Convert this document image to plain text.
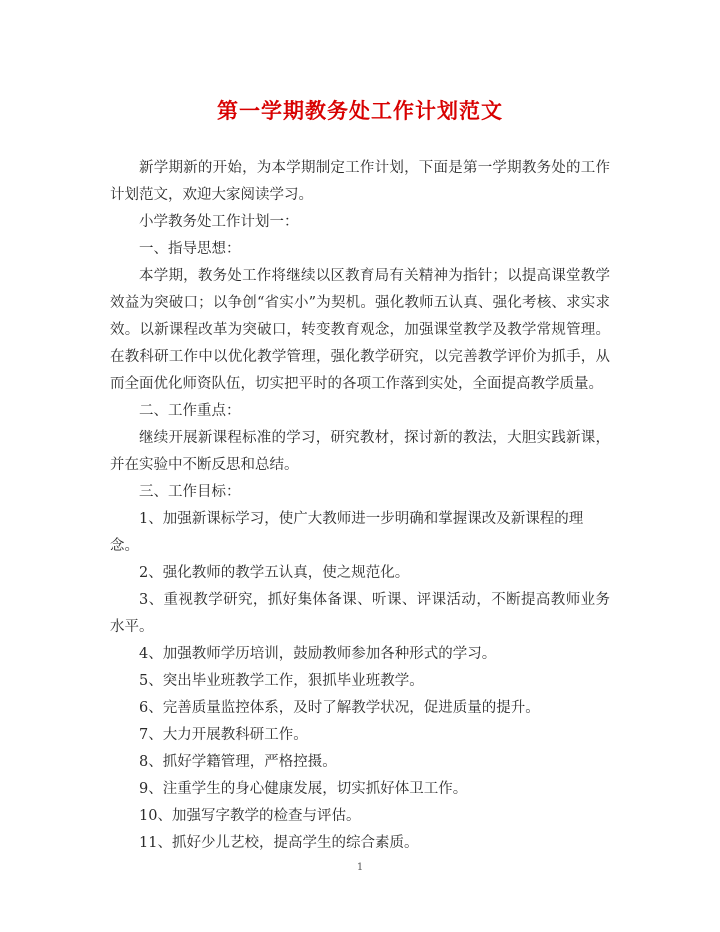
第一学期教务处工作计划范文

新学期新的开始，为本学期制定工作计划，下面是第一学期教务处的工作计划范文，欢迎大家阅读学习。

小学教务处工作计划一：

一、指导思想：

本学期，教务处工作将继续以区教育局有关精神为指针；以提高课堂教学效益为突破口；以争创“省实小”为契机。强化教师五认真、强化考核、求实求效。以新课程改革为突破口，转变教育观念，加强课堂教学及教学常规管理。在教科研工作中以优化教学管理，强化教学研究，以完善教学评价为抓手，从而全面优化师资队伍，切实把平时的各项工作落到实处，全面提高教学质量。

二、工作重点：

继续开展新课程标准的学习，研究教材，探讨新的教法，大胆实践新课，并在实验中不断反思和总结。

三、工作目标：

1、加强新课标学习，使广大教师进一步明确和掌握课改及新课程的理念。

2、强化教师的教学五认真，使之规范化。

3、重视教学研究，抓好集体备课、听课、评课活动，不断提高教师业务水平。

4、加强教师学历培训，鼓励教师参加各种形式的学习。

5、突出毕业班教学工作，狠抓毕业班教学。

6、完善质量监控体系，及时了解教学状况，促进质量的提升。

7、大力开展教科研工作。

8、抓好学籍管理，严格控摄。

9、注重学生的身心健康发展，切实抓好体卫工作。

10、加强写字教学的检查与评估。

11、抓好少儿艺校，提高学生的综合素质。

1
